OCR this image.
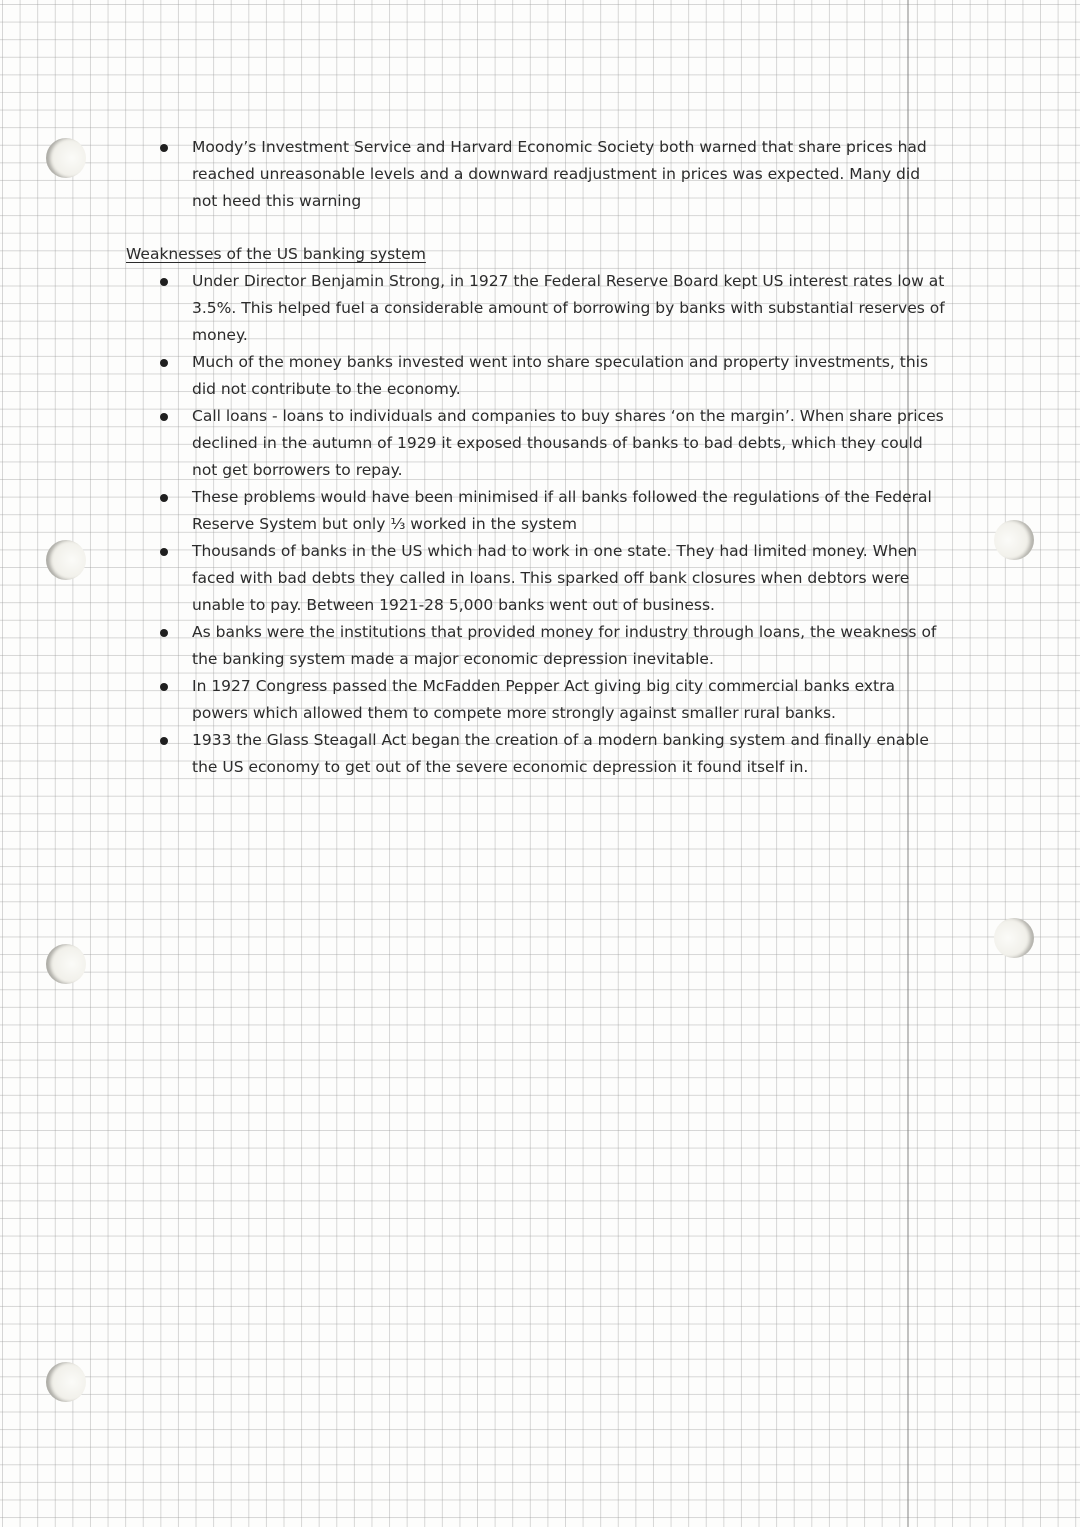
Moody’s Investment Service and Harvard Economic Society both warned that share prices had reached unreasonable levels and a downward readjustment in prices was expected. Many did not heed this warning
Weaknesses of the US banking system
Under Director Benjamin Strong, in 1927 the Federal Reserve Board kept US interest rates low at 3.5%. This helped fuel a considerable amount of borrowing by banks with substantial reserves of money.
Much of the money banks invested went into share speculation and property investments, this did not contribute to the economy.
Call loans - loans to individuals and companies to buy shares ‘on the margin’. When share prices declined in the autumn of 1929 it exposed thousands of banks to bad debts, which they could not get borrowers to repay.
These problems would have been minimised if all banks followed the regulations of the Federal Reserve System but only ⅓ worked in the system
Thousands of banks in the US which had to work in one state. They had limited money. When faced with bad debts they called in loans. This sparked off bank closures when debtors were unable to pay. Between 1921-28 5,000 banks went out of business.
As banks were the institutions that provided money for industry through loans, the weakness of the banking system made a major economic depression inevitable.
In 1927 Congress passed the McFadden Pepper Act giving big city commercial banks extra powers which allowed them to compete more strongly against smaller rural banks.
1933 the Glass Steagall Act began the creation of a modern banking system and finally enable the US economy to get out of the severe economic depression it found itself in.
